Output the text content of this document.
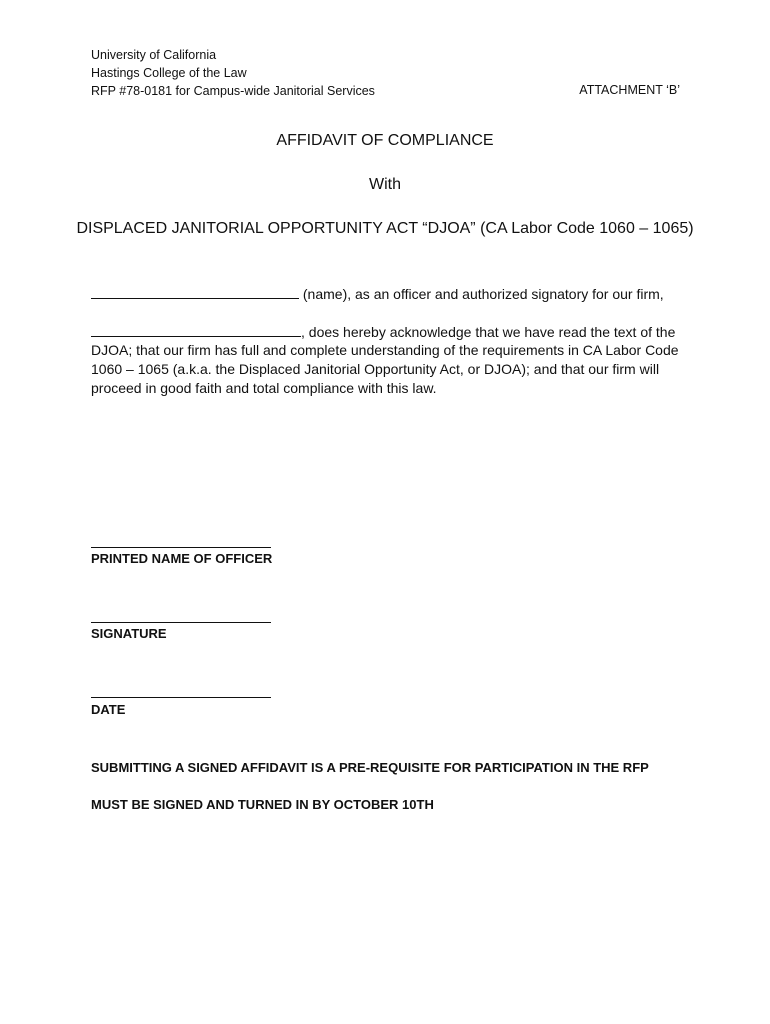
University of California
Hastings College of the Law
RFP #78-0181 for Campus-wide Janitorial Services	ATTACHMENT ‘B’
AFFIDAVIT OF COMPLIANCE
With
DISPLACED JANITORIAL OPPORTUNITY ACT “DJOA” (CA Labor Code 1060 – 1065)
(name), as an officer and authorized signatory for our firm,
, does hereby acknowledge that we have read the text of the
DJOA; that our firm has full and complete understanding of the requirements in CA Labor Code
1060 – 1065 (a.k.a. the Displaced Janitorial Opportunity Act, or DJOA); and that our firm will
proceed in good faith and total compliance with this law.
PRINTED NAME OF OFFICER
SIGNATURE
DATE
SUBMITTING A SIGNED AFFIDAVIT IS A PRE-REQUISITE FOR PARTICIPATION IN THE RFP
MUST BE SIGNED AND TURNED IN BY OCTOBER 10TH
